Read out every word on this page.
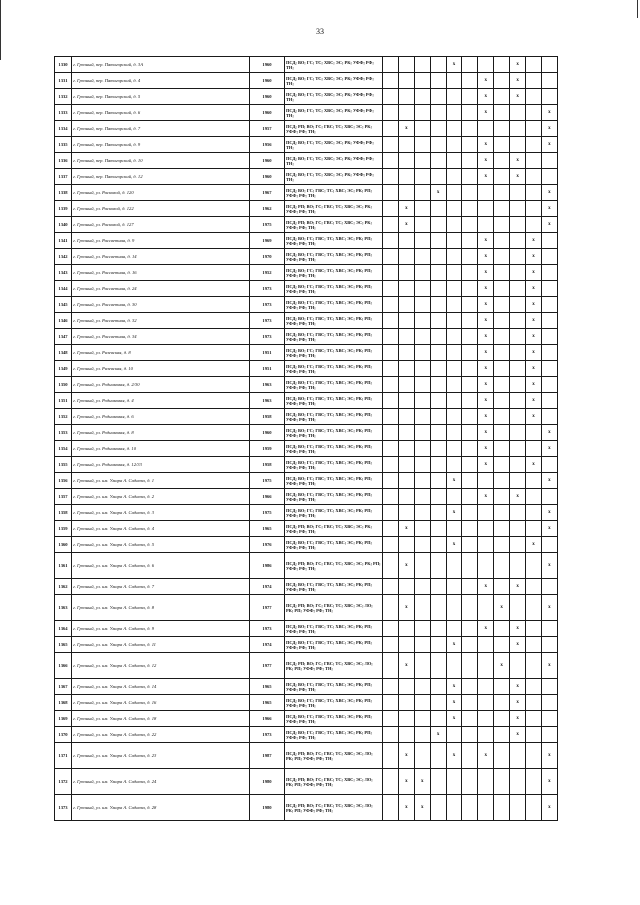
33
1330	г. Грозный, пер. Пятигорский, д. 3А	1960	ПСД; ВО; ГС; ТС; ХВС; ЭС; РК; УФФ; РФ; ТН;					x				x		
1331	г. Грозный, пер. Пятигорский, д. 4	1960	ПСД; ВО; ГС; ТС; ХВС; ЭС; РК; УФФ; РФ; ТН;							x		x		
1332	г. Грозный, пер. Пятигорский, д. 5	1960	ПСД; ВО; ГС; ТС; ХВС; ЭС; РК; УФФ; РФ; ТН;							x		x		
1333	г. Грозный, пер. Пятигорский, д. 6	1960	ПСД; ВО; ГС; ТС; ХВС; ЭС; РК; УФФ; РФ; ТН;							x				x
1334	г. Грозный, пер. Пятигорский, д. 7	1957	ПСД; РП; ВО; ГС; ГВС; ТС; ХВС; ЭС; РК; УФФ; РФ; ТН;		x									x
1335	г. Грозный, пер. Пятигорский, д. 9	1956	ПСД; ВО; ГС; ТС; ХВС; ЭС; РК; УФФ; РФ; ТН;							x				x
1336	г. Грозный, пер. Пятигорский, д. 10	1960	ПСД; ВО; ГС; ТС; ХВС; ЭС; РК; УФФ; РФ; ТН;							x		x		
1337	г. Грозный, пер. Пятигорский, д. 12	1960	ПСД; ВО; ГС; ТС; ХВС; ЭС; РК; УФФ; РФ; ТН;							x		x		
1338	г. Грозный, ул. Расковой, д. 120	1967	ПСД; ВО; ГС; ГВС; ТС; ХВС; ЭС; РК; РП; УФФ; РФ; ТН;				x							x
1339	г. Грозный, ул. Расковой, д. 122	1962	ПСД; РП; ВО; ГС; ГВС; ТС; ХВС; ЭС; РК; УФФ; РФ; ТН;		x									x
1340	г. Грозный, ул. Расковой, д. 127	1975	ПСД; РП; ВО; ГС; ГВС; ТС; ХВС; ЭС; РК; УФФ; РФ; ТН;		x									x
1341	г. Грозный, ул. Рассветная, д. 9	1969	ПСД; ВО; ГС; ГВС; ТС; ХВС; ЭС; РК; РП; УФФ; РФ; ТН;							x			x	
1342	г. Грозный, ул. Рассветная, д. 14	1970	ПСД; ВО; ГС; ГВС; ТС; ХВС; ЭС; РК; РП; УФФ; РФ; ТН;							x			x	
1343	г. Грозный, ул. Рассветная, д. 16	1952	ПСД; ВО; ГС; ГВС; ТС; ХВС; ЭС; РК; РП; УФФ; РФ; ТН;							x			x	
1344	г. Грозный, ул. Рассветная, д. 24	1973	ПСД; ВО; ГС; ГВС; ТС; ХВС; ЭС; РК; РП; УФФ; РФ; ТН;							x			x	
1345	г. Грозный, ул. Рассветная, д. 30	1973	ПСД; ВО; ГС; ГВС; ТС; ХВС; ЭС; РК; РП; УФФ; РФ; ТН;							x			x	
1346	г. Грозный, ул. Рассветная, д. 32	1973	ПСД; ВО; ГС; ГВС; ТС; ХВС; ЭС; РК; РП; УФФ; РФ; ТН;							x			x	
1347	г. Грозный, ул. Рассветная, д. 34	1973	ПСД; ВО; ГС; ГВС; ТС; ХВС; ЭС; РК; РП; УФФ; РФ; ТН;							x			x	
1348	г. Грозный, ул. Ризевская, д. 8	1951	ПСД; ВО; ГС; ГВС; ТС; ХВС; ЭС; РК; РП; УФФ; РФ; ТН;							x			x	
1349	г. Грозный, ул. Ризевская, д. 10	1951	ПСД; ВО; ГС; ГВС; ТС; ХВС; ЭС; РК; РП; УФФ; РФ; ТН;							x			x	
1350	г. Грозный, ул. Родниковая, д. 2/30	1963	ПСД; ВО; ГС; ГВС; ТС; ХВС; ЭС; РК; РП; УФФ; РФ; ТН;							x			x	
1351	г. Грозный, ул. Родниковая, д. 4	1963	ПСД; ВО; ГС; ГВС; ТС; ХВС; ЭС; РК; РП; УФФ; РФ; ТН;							x			x	
1352	г. Грозный, ул. Родниковая, д. 6	1958	ПСД; ВО; ГС; ГВС; ТС; ХВС; ЭС; РК; РП; УФФ; РФ; ТН;							x			x	
1353	г. Грозный, ул. Родниковая, д. 8	1960	ПСД; ВО; ГС; ГВС; ТС; ХВС; ЭС; РК; РП; УФФ; РФ; ТН;							x				x
1354	г. Грозный, ул. Родниковая, д. 10	1959	ПСД; ВО; ГС; ГВС; ТС; ХВС; ЭС; РК; РП; УФФ; РФ; ТН;							x				x
1355	г. Грозный, ул. Родниковая, д. 12/33	1958	ПСД; ВО; ГС; ГВС; ТС; ХВС; ЭС; РК; РП; УФФ; РФ; ТН;							x			x	
1356	г. Грозный, ул. им. Умара А. Садаева, д. 1	1975	ПСД; ВО; ГС; ГВС; ТС; ХВС; ЭС; РК; РП; УФФ; РФ; ТН;					x						x
1357	г. Грозный, ул. им. Умара А. Садаева, д. 2	1966	ПСД; ВО; ГС; ГВС; ТС; ХВС; ЭС; РК; РП; УФФ; РФ; ТН;							x		x		
1358	г. Грозный, ул. им. Умара А. Садаева, д. 3	1975	ПСД; ВО; ГС; ГВС; ТС; ХВС; ЭС; РК; РП; УФФ; РФ; ТН;					x						x
1359	г. Грозный, ул. им. Умара А. Садаева, д. 4	1965	ПСД; РП; ВО; ГС; ГВС; ТС; ХВС; ЭС; РК; УФФ; РФ; ТН;		x									x
1360	г. Грозный, ул. им. Умара А. Садаева, д. 5	1976	ПСД; ВО; ГС; ГВС; ТС; ХВС; ЭС; РК; РП; УФФ; РФ; ТН;					x					x	
1361	г. Грозный, ул. им. Умара А. Садаева, д. 6	1986	ПСД; РП; ВО; ГС; ГВС; ТС; ХВС; ЭС; РК; РП; УФФ; РФ; ТН;		x									x
1362	г. Грозный, ул. им. Умара А. Садаева, д. 7	1974	ПСД; ВО; ГС; ГВС; ТС; ХВС; ЭС; РК; РП; УФФ; РФ; ТН;							x		x		
1363	г. Грозный, ул. им. Умара А. Садаева, д. 8	1977	ПСД; РП; ВО; ГС; ГВС; ТС; ХВС; ЭС; ЛО; РК; РП; УФФ; РФ; ТН;		x						x			x
1364	г. Грозный, ул. им. Умара А. Садаева, д. 9	1973	ПСД; ВО; ГС; ГВС; ТС; ХВС; ЭС; РК; РП; УФФ; РФ; ТН;							x		x		
1365	г. Грозный, ул. им. Умара А. Садаева, д. 11	1974	ПСД; ВО; ГС; ГВС; ТС; ХВС; ЭС; РК; РП; УФФ; РФ; ТН;					x				x		
1366	г. Грозный, ул. им. Умара А. Садаева, д. 12	1977	ПСД; РП; ВО; ГС; ГВС; ТС; ХВС; ЭС; ЛО; РК; РП; УФФ; РФ; ТН;		x						x			x
1367	г. Грозный, ул. им. Умара А. Садаева, д. 14	1965	ПСД; ВО; ГС; ГВС; ТС; ХВС; ЭС; РК; РП; УФФ; РФ; ТН;					x				x		
1368	г. Грозный, ул. им. Умара А. Садаева, д. 16	1965	ПСД; ВО; ГС; ГВС; ТС; ХВС; ЭС; РК; РП; УФФ; РФ; ТН;					x				x		
1369	г. Грозный, ул. им. Умара А. Садаева, д. 18	1966	ПСД; ВО; ГС; ГВС; ТС; ХВС; ЭС; РК; РП; УФФ; РФ; ТН;					x				x		
1370	г. Грозный, ул. им. Умара А. Садаева, д. 22	1973	ПСД; ВО; ГС; ГВС; ТС; ХВС; ЭС; РК; РП; УФФ; РФ; ТН;				x					x		
1371	г. Грозный, ул. им. Умара А. Садаева, д. 23	1987	ПСД; РП; ВО; ГС; ГВС; ТС; ХВС; ЭС; ЛО; РК; РП; УФФ; РФ; ТН;		x			x		x				x
1372	г. Грозный, ул. им. Умара А. Садаева, д. 24	1980	ПСД; РП; ВО; ГС; ГВС; ТС; ХВС; ЭС; ЛО; РК; РП; УФФ; РФ; ТН;		x	x								x
1373	г. Грозный, ул. им. Умара А. Садаева, д. 28	1980	ПСД; РП; ВО; ГС; ГВС; ТС; ХВС; ЭС; ЛО; РК; РП; УФФ; РФ; ТН;		x	x								x
